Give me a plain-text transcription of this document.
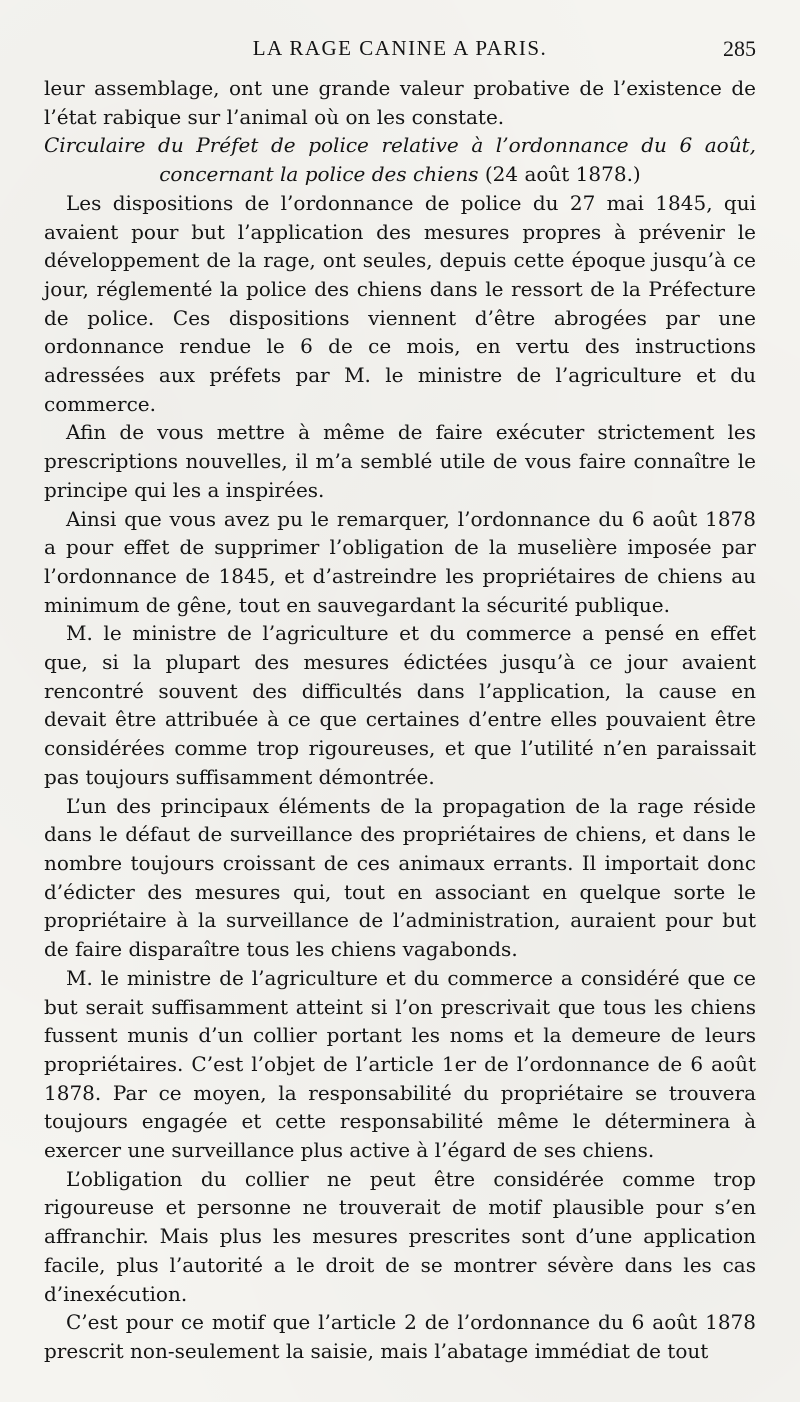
LA RAGE CANINE A PARIS.	285

leur assemblage, ont une grande valeur probative de l’existence de l’état rabique sur l’animal où on les constate.

Circulaire du Préfet de police relative à l’ordonnance du 6 août,
concernant la police des chiens (24 août 1878.)

Les dispositions de l’ordonnance de police du 27 mai 1845, qui avaient pour but l’application des mesures propres à prévenir le développement de la rage, ont seules, depuis cette époque jusqu’à ce jour, réglementé la police des chiens dans le ressort de la Préfecture de police. Ces dispositions viennent d’être abrogées par une ordonnance rendue le 6 de ce mois, en vertu des instructions adressées aux préfets par M. le ministre de l’agriculture et du commerce.

Afin de vous mettre à même de faire exécuter strictement les prescriptions nouvelles, il m’a semblé utile de vous faire connaître le principe qui les a inspirées.

Ainsi que vous avez pu le remarquer, l’ordonnance du 6 août 1878 a pour effet de supprimer l’obligation de la muselière imposée par l’ordonnance de 1845, et d’astreindre les propriétaires de chiens au minimum de gêne, tout en sauvegardant la sécurité publique.

M. le ministre de l’agriculture et du commerce a pensé en effet que, si la plupart des mesures édictées jusqu’à ce jour avaient rencontré souvent des difficultés dans l’application, la cause en devait être attribuée à ce que certaines d’entre elles pouvaient être considérées comme trop rigoureuses, et que l’utilité n’en paraissait pas toujours suffisamment démontrée.

L’un des principaux éléments de la propagation de la rage réside dans le défaut de surveillance des propriétaires de chiens, et dans le nombre toujours croissant de ces animaux errants. Il importait donc d’édicter des mesures qui, tout en associant en quelque sorte le propriétaire à la surveillance de l’administration, auraient pour but de faire disparaître tous les chiens vagabonds.

M. le ministre de l’agriculture et du commerce a considéré que ce but serait suffisamment atteint si l’on prescrivait que tous les chiens fussent munis d’un collier portant les noms et la demeure de leurs propriétaires. C’est l’objet de l’article 1er de l’ordonnance de 6 août 1878. Par ce moyen, la responsabilité du propriétaire se trouvera toujours engagée et cette responsabilité même le déterminera à exercer une surveillance plus active à l’égard de ses chiens.

L’obligation du collier ne peut être considérée comme trop rigoureuse et personne ne trouverait de motif plausible pour s’en affranchir. Mais plus les mesures prescrites sont d’une application facile, plus l’autorité a le droit de se montrer sévère dans les cas d’inexécution.

C’est pour ce motif que l’article 2 de l’ordonnance du 6 août 1878 prescrit non-seulement la saisie, mais l’abatage immédiat de tout
